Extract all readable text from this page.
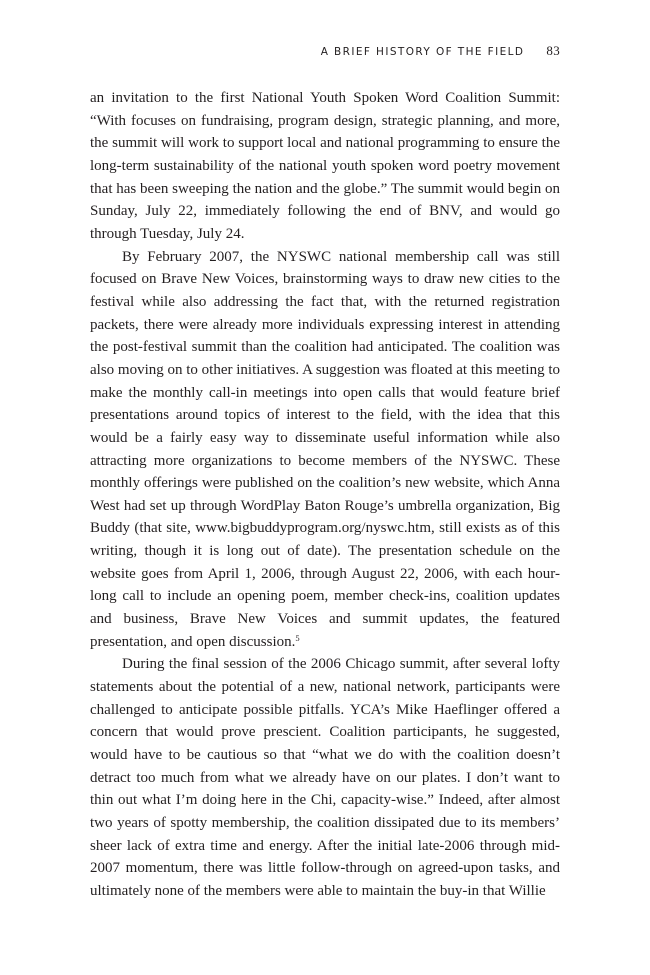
A BRIEF HISTORY OF THE FIELD 83

an invitation to the first National Youth Spoken Word Coalition Summit: “With focuses on fundraising, program design, strategic planning, and more, the summit will work to support local and national programming to ensure the long-term sustainability of the national youth spoken word poetry movement that has been sweeping the nation and the globe.” The summit would begin on Sunday, July 22, immediately following the end of BNV, and would go through Tuesday, July 24.

By February 2007, the NYSWC national membership call was still focused on Brave New Voices, brainstorming ways to draw new cities to the festival while also addressing the fact that, with the returned registration packets, there were already more individuals expressing interest in attending the post-festival summit than the coalition had anticipated. The coalition was also moving on to other initiatives. A suggestion was floated at this meeting to make the monthly call-in meetings into open calls that would feature brief presentations around topics of interest to the field, with the idea that this would be a fairly easy way to disseminate useful information while also attracting more organizations to become members of the NYSWC. These monthly offerings were published on the coalition’s new website, which Anna West had set up through WordPlay Baton Rouge’s umbrella organization, Big Buddy (that site, www.bigbuddyprogram.org/nyswc.htm, still exists as of this writing, though it is long out of date). The presentation schedule on the website goes from April 1, 2006, through August 22, 2006, with each hour-long call to include an opening poem, member check-ins, coalition updates and business, Brave New Voices and summit updates, the featured presentation, and open discussion.$^5$

During the final session of the 2006 Chicago summit, after several lofty statements about the potential of a new, national network, participants were challenged to anticipate possible pitfalls. YCA’s Mike Haeflinger offered a concern that would prove prescient. Coalition participants, he suggested, would have to be cautious so that “what we do with the coalition doesn’t detract too much from what we already have on our plates. I don’t want to thin out what I’m doing here in the Chi, capacity-wise.” Indeed, after almost two years of spotty membership, the coalition dissipated due to its members’ sheer lack of extra time and energy. After the initial late-2006 through mid-2007 momentum, there was little follow-through on agreed-upon tasks, and ultimately none of the members were able to maintain the buy-in that Willie
